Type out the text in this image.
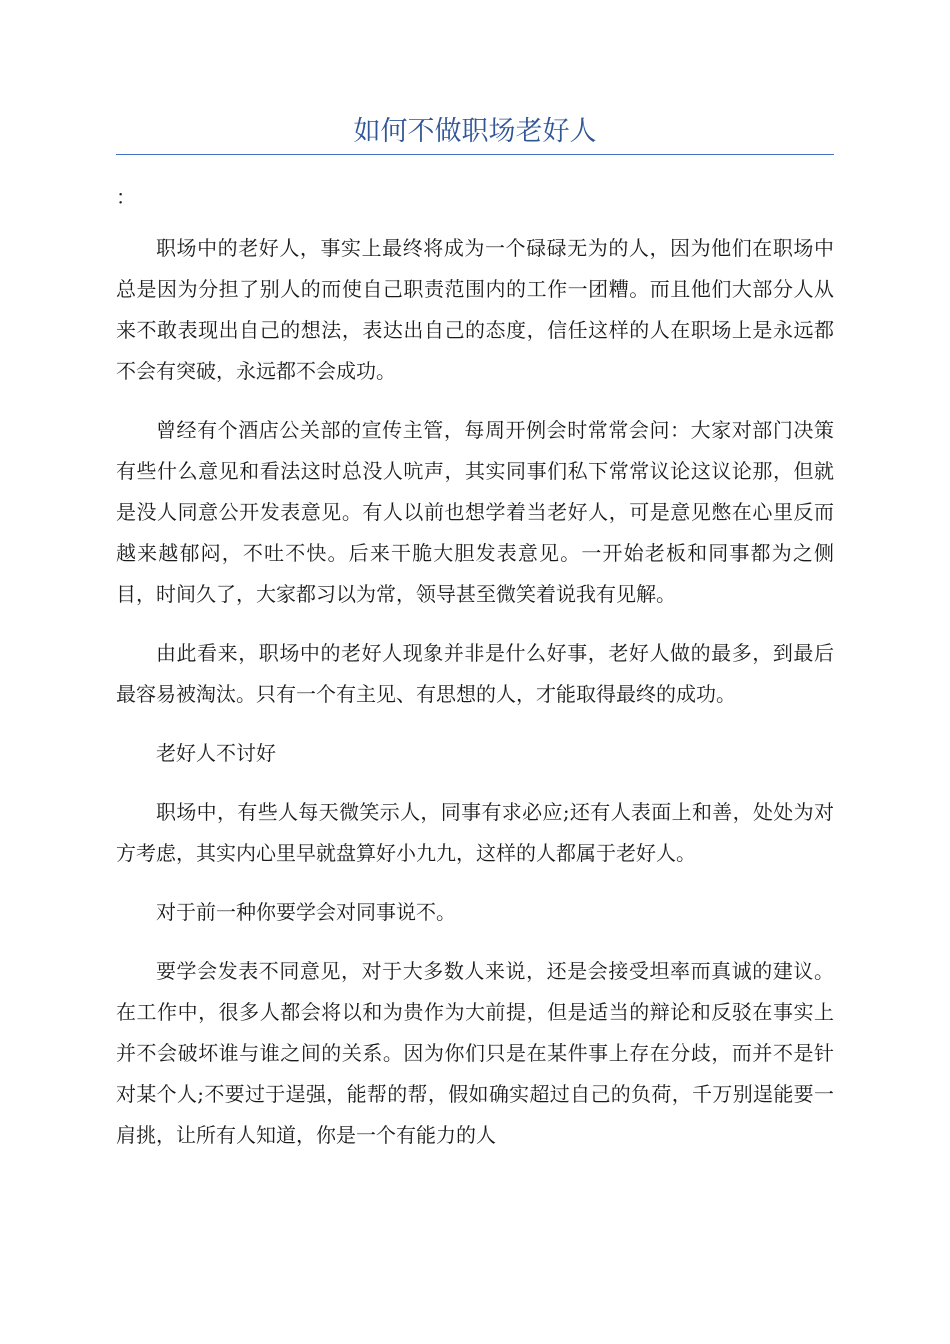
如何不做职场老好人

：

职场中的老好人，事实上最终将成为一个碌碌无为的人，因为他们在职场中总是因为分担了别人的而使自己职责范围内的工作一团糟。而且他们大部分人从来不敢表现出自己的想法，表达出自己的态度，信任这样的人在职场上是永远都不会有突破，永远都不会成功。

曾经有个酒店公关部的宣传主管，每周开例会时常常会问：大家对部门决策有些什么意见和看法这时总没人吭声，其实同事们私下常常议论这议论那，但就是没人同意公开发表意见。有人以前也想学着当老好人，可是意见憋在心里反而越来越郁闷，不吐不快。后来干脆大胆发表意见。一开始老板和同事都为之侧目，时间久了，大家都习以为常，领导甚至微笑着说我有见解。

由此看来，职场中的老好人现象并非是什么好事，老好人做的最多，到最后最容易被淘汰。只有一个有主见、有思想的人，才能取得最终的成功。

老好人不讨好

职场中，有些人每天微笑示人，同事有求必应;还有人表面上和善，处处为对方考虑，其实内心里早就盘算好小九九，这样的人都属于老好人。

对于前一种你要学会对同事说不。

要学会发表不同意见，对于大多数人来说，还是会接受坦率而真诚的建议。在工作中，很多人都会将以和为贵作为大前提，但是适当的辩论和反驳在事实上并不会破坏谁与谁之间的关系。因为你们只是在某件事上存在分歧，而并不是针对某个人;不要过于逞强，能帮的帮，假如确实超过自己的负荷，千万别逞能要一肩挑，让所有人知道，你是一个有能力的人
